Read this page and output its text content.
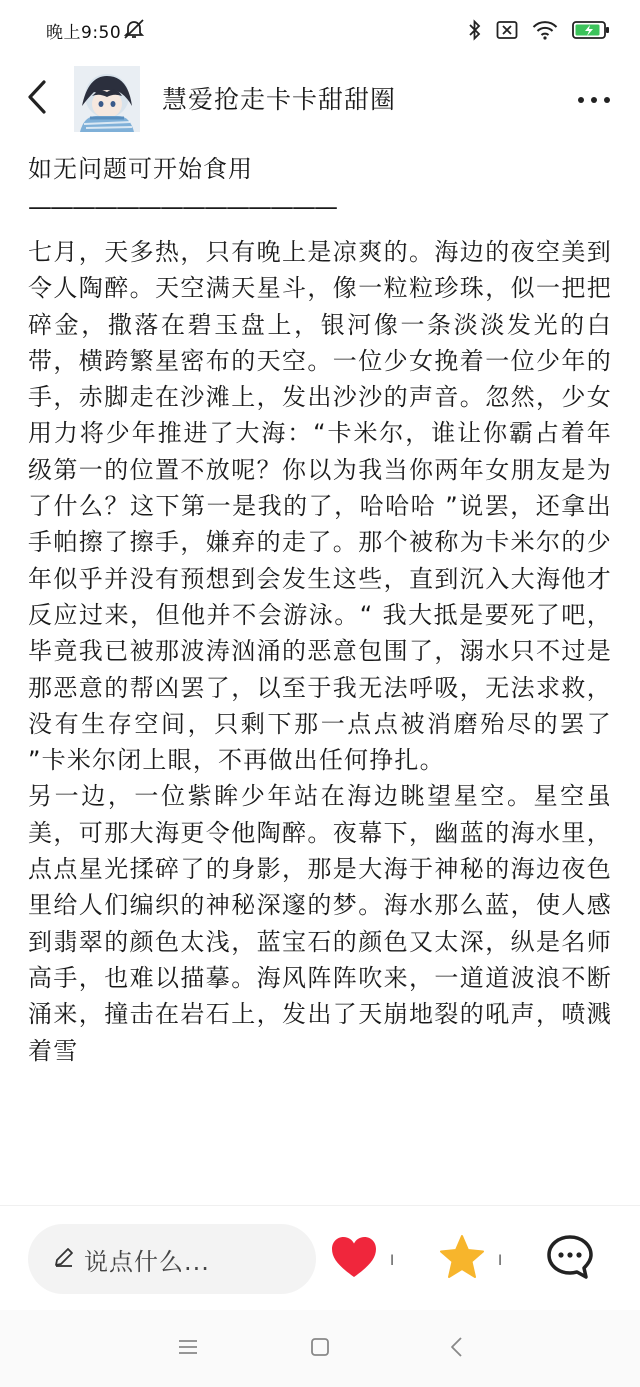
晚上9:50
慧爱抢走卡卡甜甜圈
如无问题可开始食用
——————————————

七月，天多热，只有晚上是凉爽的。海边的夜空美到令人陶醉。天空满天星斗，像一粒粒珍珠，似一把把碎金，撒落在碧玉盘上，银河像一条淡淡发光的白带，横跨繁星密布的天空。一位少女挽着一位少年的手，赤脚走在沙滩上，发出沙沙的声音。忽然，少女用力将少年推进了大海：“卡米尔，谁让你霸占着年级第一的位置不放呢？你以为我当你两年女朋友是为了什么？这下第一是我的了，哈哈哈 ”说罢，还拿出手帕擦了擦手，嫌弃的走了。那个被称为卡米尔的少年似乎并没有预想到会发生这些，直到沉入大海他才反应过来，但他并不会游泳。“ 我大抵是要死了吧，毕竟我已被那波涛汹涌的恶意包围了，溺水只不过是那恶意的帮凶罢了，以至于我无法呼吸，无法求救，没有生存空间，只剩下那一点点被消磨殆尽的罢了 ”卡米尔闭上眼，不再做出任何挣扎。

另一边，一位紫眸少年站在海边眺望星空。星空虽美，可那大海更令他陶醉。夜幕下，幽蓝的海水里，点点星光揉碎了的身影，那是大海于神秘的海边夜色里给人们编织的神秘深邃的梦。海水那么蓝，使人感到翡翠的颜色太浅，蓝宝石的颜色又太深，纵是名师高手，也难以描摹。海风阵阵吹来，一道道波浪不断涌来，撞击在岩石上，发出了天崩地裂的吼声，喷溅着雪

说点什么...	I	I
